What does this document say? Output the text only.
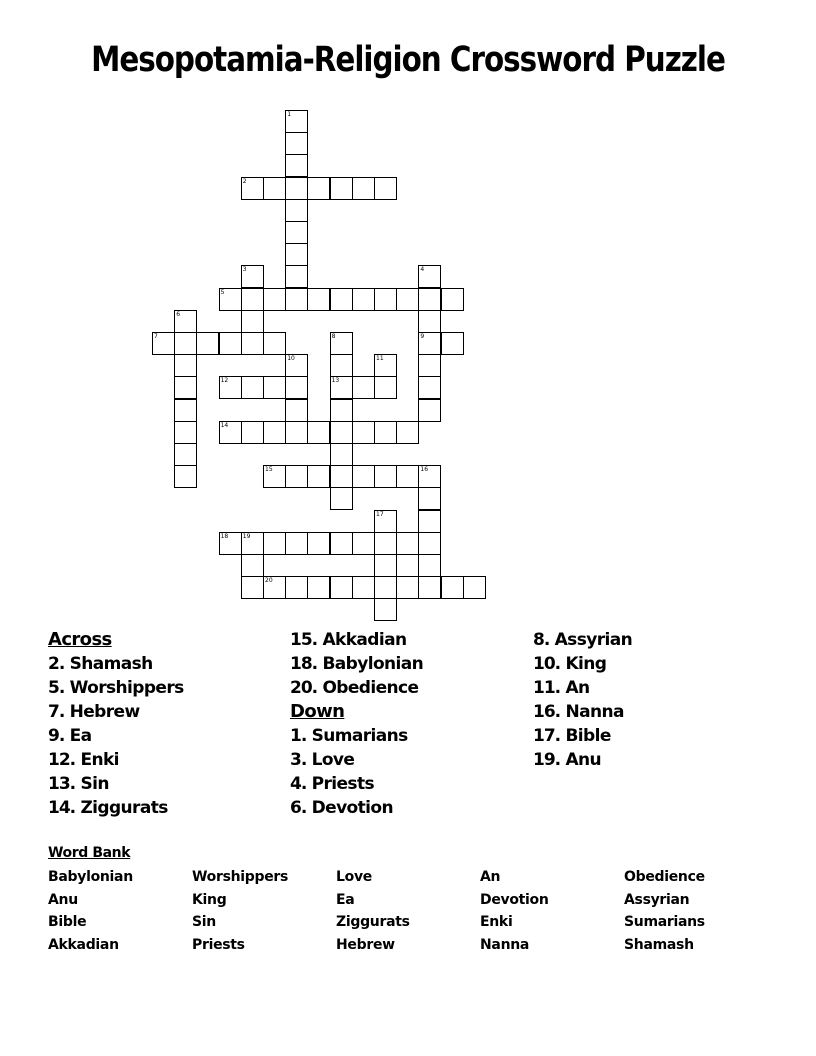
Mesopotamia-Religion Crossword Puzzle
1
2
3	4
9
5
6
7	8
13
10	11
12
14
15	16
17
18 19
20
Across
2. Shamash
5. Worshippers
7. Hebrew
9. Ea
12. Enki
13. Sin
14. Ziggurats
15. Akkadian
18. Babylonian
20. Obedience
Down
1. Sumarians
3. Love
4. Priests
6. Devotion
8. Assyrian
10. King
11. An
16. Nanna
17. Bible
19. Anu
Word Bank
Babylonian
Anu
Bible
Akkadian
Worshippers
King
Sin
Priests
Love
Ea
Ziggurats
Hebrew
An
Devotion
Enki
Nanna
Obedience
Assyrian
Sumarians
Shamash
